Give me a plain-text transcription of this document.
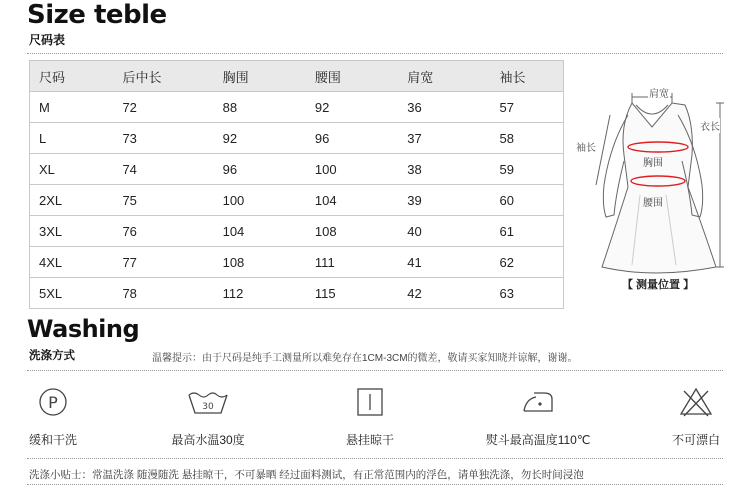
Size teble
尺码表
尺码	后中长	胸围	腰围	肩宽	袖长
M	72	88	92	36	57
L	73	92	96	37	58
XL	74	96	100	38	59
2XL	75	100	104	39	60
3XL	76	104	108	40	61
4XL	77	108	111	41	62
5XL	78	112	115	42	63
肩宽
衣长
袖长
胸围
腰围
【 测量位置 】
Washing
洗涤方式	温馨提示：由于尺码是纯手工测量所以难免存在1CM-3CM的微差，敬请买家知晓并谅解，谢谢。
P
缓和干洗
30
最高水温30度	悬挂晾干	熨斗最高温度110℃	不可漂白
洗涤小贴士：常温洗涤 随漫随洗 悬挂晾干，不可暴晒 经过面料测试，有正常范围内的浮色，请单独洗涤，勿长时间浸泡
